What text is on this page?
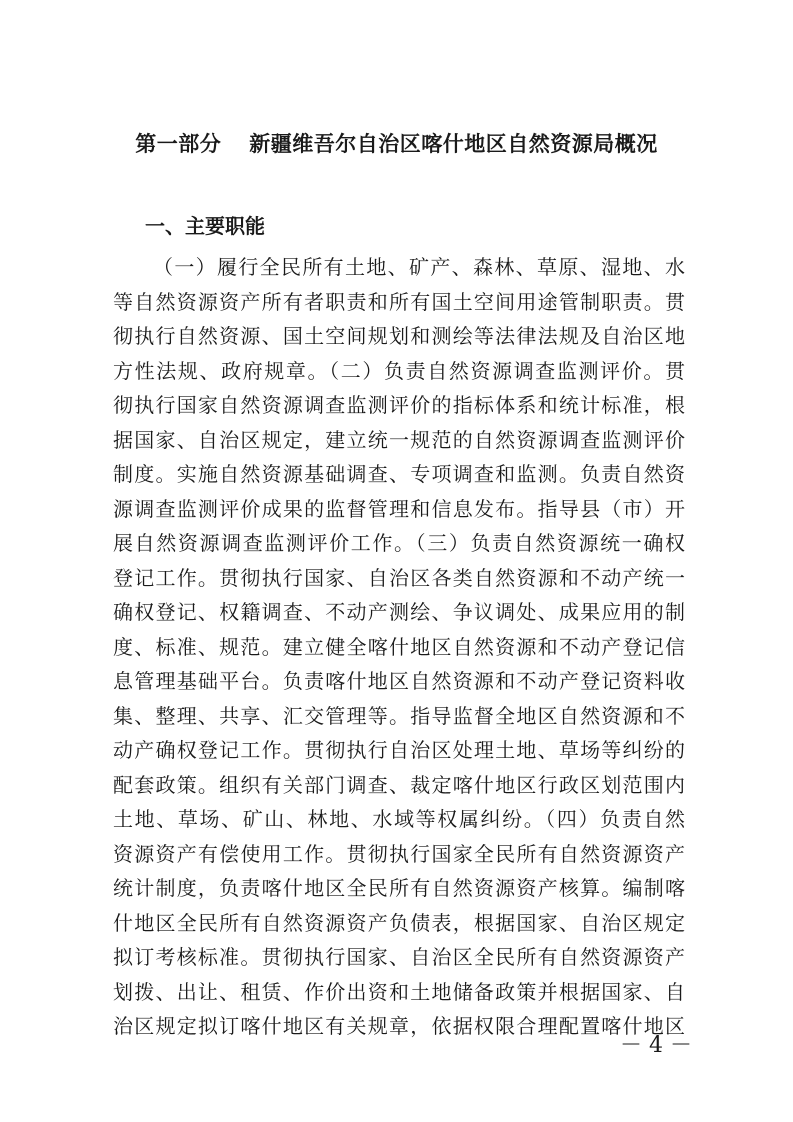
第一部分 新疆维吾尔自治区喀什地区自然资源局概况
一、主要职能
（一）履行全民所有土地、矿产、森林、草原、湿地、水
等自然资源资产所有者职责和所有国土空间用途管制职责。贯
彻执行自然资源、国土空间规划和测绘等法律法规及自治区地
方性法规、政府规章。（二）负责自然资源调查监测评价。贯
彻执行国家自然资源调查监测评价的指标体系和统计标准，根
据国家、自治区规定，建立统一规范的自然资源调查监测评价
制度。实施自然资源基础调查、专项调查和监测。负责自然资
源调查监测评价成果的监督管理和信息发布。指导县（市）开
展自然资源调查监测评价工作。（三）负责自然资源统一确权
登记工作。贯彻执行国家、自治区各类自然资源和不动产统一
确权登记、权籍调查、不动产测绘、争议调处、成果应用的制
度、标准、规范。建立健全喀什地区自然资源和不动产登记信
息管理基础平台。负责喀什地区自然资源和不动产登记资料收
集、整理、共享、汇交管理等。指导监督全地区自然资源和不
动产确权登记工作。贯彻执行自治区处理土地、草场等纠纷的
配套政策。组织有关部门调查、裁定喀什地区行政区划范围内
土地、草场、矿山、林地、水域等权属纠纷。（四）负责自然
资源资产有偿使用工作。贯彻执行国家全民所有自然资源资产
统计制度，负责喀什地区全民所有自然资源资产核算。编制喀
什地区全民所有自然资源资产负债表，根据国家、自治区规定
拟订考核标准。贯彻执行国家、自治区全民所有自然资源资产
划拨、出让、租赁、作价出资和土地储备政策并根据国家、自
治区规定拟订喀什地区有关规章，依据权限合理配置喀什地区
－ 4 －
